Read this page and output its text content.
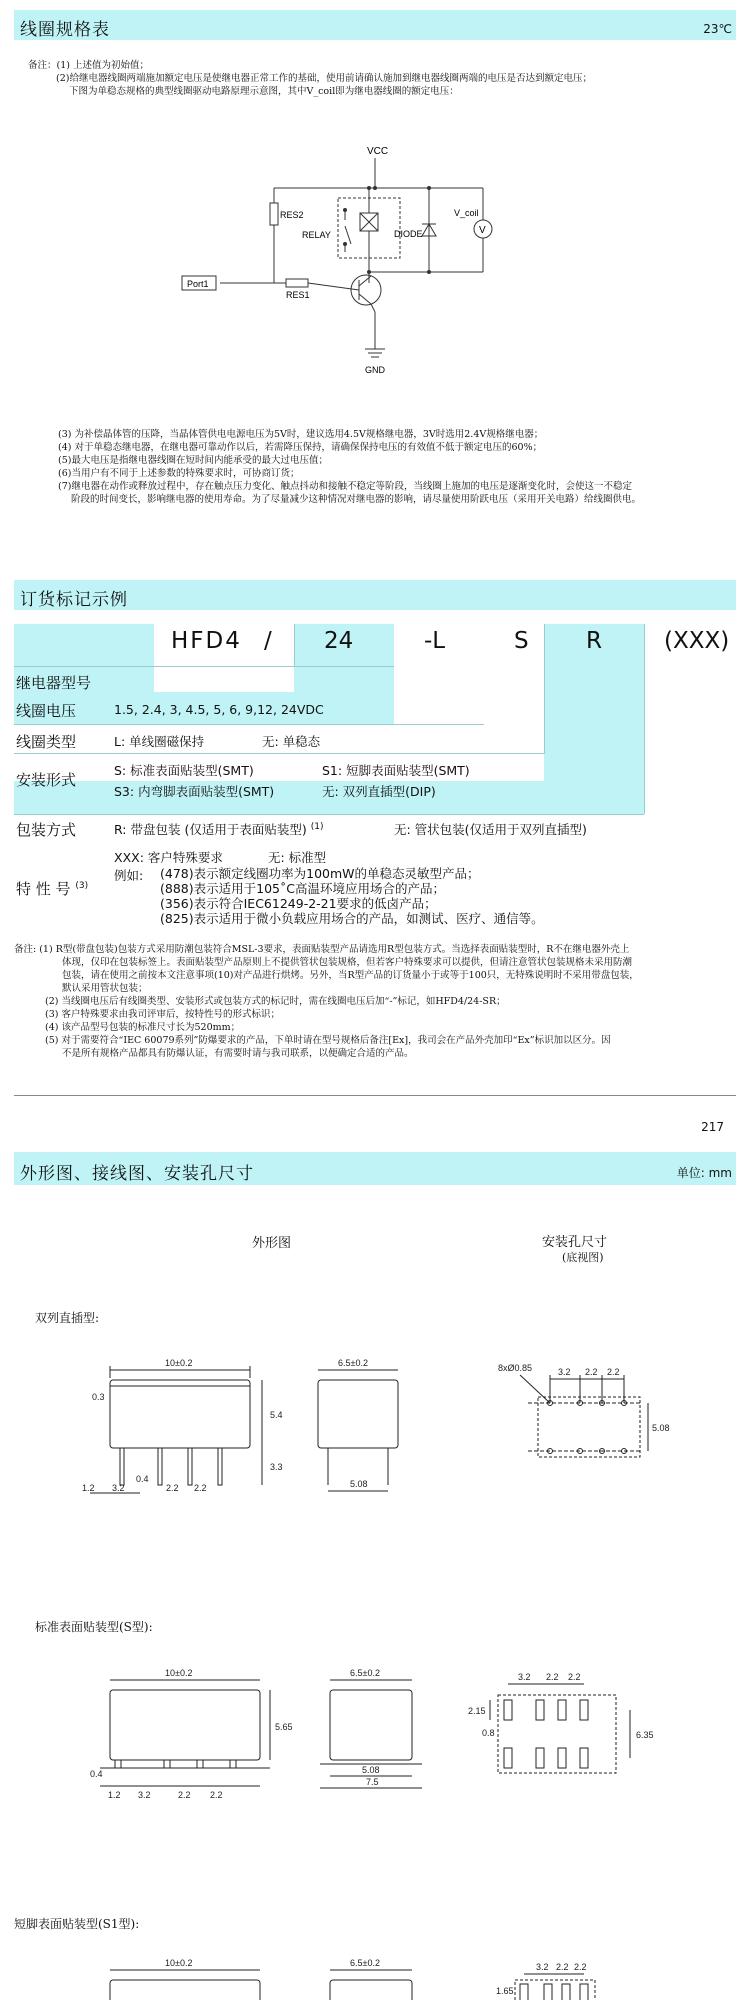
线圈规格表	23℃
备注：(1) 上述值为初始值；
(2)给继电器线圈两端施加额定电压是使继电器正常工作的基础，使用前请确认施加到继电器线圈两端的电压是否达到额定电压；
下图为单稳态规格的典型线圈驱动电路原理示意图，其中V_coil即为继电器线圈的额定电压：
VCC
RES2
RELAY	DIODE
V_coil
V
Port1
RES1
GND
(3) 为补偿晶体管的压降，当晶体管供电电源电压为5V时，建议选用4.5V规格继电器，3V时选用2.4V规格继电器；
(4) 对于单稳态继电器，在继电器可靠动作以后，若需降压保持，请确保保持电压的有效值不低于额定电压的60%；
(5)最大电压是指继电器线圈在短时间内能承受的最大过电压值；
(6)当用户有不同于上述参数的特殊要求时，可协商订货；
(7)继电器在动作或释放过程中，存在触点压力变化、触点抖动和接触不稳定等阶段，当线圈上施加的电压是逐渐变化时，会使这一不稳定
阶段的时间变长，影响继电器的使用寿命。为了尽量减少这种情况对继电器的影响，请尽量使用阶跃电压（采用开关电路）给线圈供电。
订货标记示例
HFD4 / 24	-L	S R	(XXX)
继电器型号
线圈电压	1.5, 2.4, 3, 4.5, 5, 6, 9,12, 24VDC
线圈类型	L: 单线圈磁保持	无: 单稳态
安装形式
S: 标准表面贴装型(SMT)	S1: 短脚表面贴装型(SMT)
S3: 内弯脚表面贴装型(SMT)	无: 双列直插型(DIP)
包装方式	R: 带盘包装 (仅适用于表面贴装型) $^{(1)}$	无: 管状包装(仅适用于双列直插型)
特 性 号 $^{(3)}$
XXX: 客户特殊要求	无: 标准型
例如: (478)表示额定线圈功率为100mW的单稳态灵敏型产品；
(888)表示适用于105˚C高温环境应用场合的产品；
(356)表示符合IEC61249-2-21要求的低卤产品；
(825)表示适用于微小负载应用场合的产品，如测试、医疗、通信等。
备注: (1) R型(带盘包装)包装方式采用防潮包装符合MSL-3要求，表面贴装型产品请选用R型包装方式。当选择表面贴装型时，R不在继电器外壳上
体现，仅印在包装标签上。表面贴装型产品原则上不提供管状包装规格，但若客户特殊要求可以提供，但请注意管状包装规格未采用防潮
包装，请在使用之前按本文注意事项(10)对产品进行烘烤。另外，当R型产品的订货量小于或等于100只，无特殊说明时不采用带盘包装，
默认采用管状包装；
(2) 当线圈电压后有线圈类型、安装形式或包装方式的标记时，需在线圈电压后加“-”标记，如HFD4/24-SR；
(3) 客户特殊要求由我司评审后，按特性号的形式标识；
(4) 该产品型号包装的标准尺寸长为520mm；
(5) 对于需要符合“IEC 60079系列”防爆要求的产品，下单时请在型号规格后备注[Ex]，我司会在产品外壳加印“Ex”标识加以区分。因
不是所有规格产品都具有防爆认证，有需要时请与我司联系，以便确定合适的产品。
217
外形图、接线图、安装孔尺寸	单位: mm
外形图	安装孔尺寸
(底视图)
双列直插型:
10±0.2	6.5±0.2
5.4
0.3
3.3
0.4
2.2 2.2
1.2 3.2	5.08
8xØ0.85	3.2 2.2 2.2
5.08
标准表面贴装型(S型):
10±0.2	6.5±0.2
5.65
0.4
1.2 3.2	2.2 2.2
5.08
7.5
3.2 2.2 2.2
2.15
0.8	6.35
短脚表面贴装型(S1型):
10±0.2	6.5±0.2	3.2 2.2 2.2
1.65
